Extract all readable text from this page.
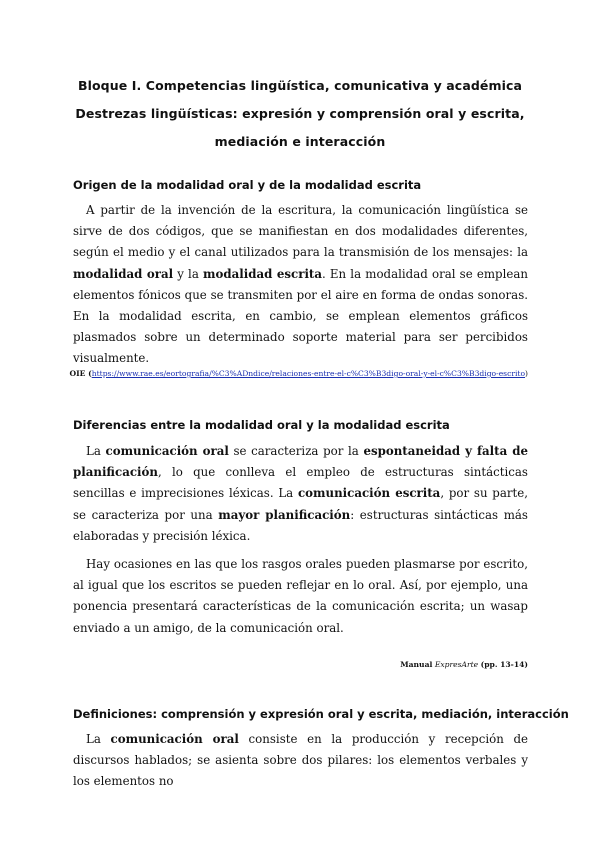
Bloque I. Competencias lingüística, comunicativa y académica
Destrezas lingüísticas: expresión y comprensión oral y escrita,
mediación e interacción
Origen de la modalidad oral y de la modalidad escrita

A partir de la invención de la escritura, la comunicación lingüística se sirve de dos códigos, que se manifiestan en dos modalidades diferentes, según el medio y el canal utilizados para la transmisión de los mensajes: la modalidad oral y la modalidad escrita. En la modalidad oral se emplean elementos fónicos que se transmiten por el aire en forma de ondas sonoras. En la modalidad escrita, en cambio, se emplean elementos gráficos plasmados sobre un determinado soporte material para ser percibidos visualmente.

OIE (https://www.rae.es/eortografia/%C3%ADndice/relaciones-entre-el-c%C3%B3digo-oral-y-el-c%C3%B3digo-escrito)
Diferencias entre la modalidad oral y la modalidad escrita

La comunicación oral se caracteriza por la espontaneidad y falta de planificación, lo que conlleva el empleo de estructuras sintácticas sencillas e imprecisiones léxicas. La comunicación escrita, por su parte, se caracteriza por una mayor planificación: estructuras sintácticas más elaboradas y precisión léxica.

Hay ocasiones en las que los rasgos orales pueden plasmarse por escrito, al igual que los escritos se pueden reflejar en lo oral. Así, por ejemplo, una ponencia presentará características de la comunicación escrita; un wasap enviado a un amigo, de la comunicación oral.

Manual ExpresArte (pp. 13-14)
Definiciones: comprensión y expresión oral y escrita, mediación, interacción

La comunicación oral consiste en la producción y recepción de discursos hablados; se asienta sobre dos pilares: los elementos verbales y los elementos no
